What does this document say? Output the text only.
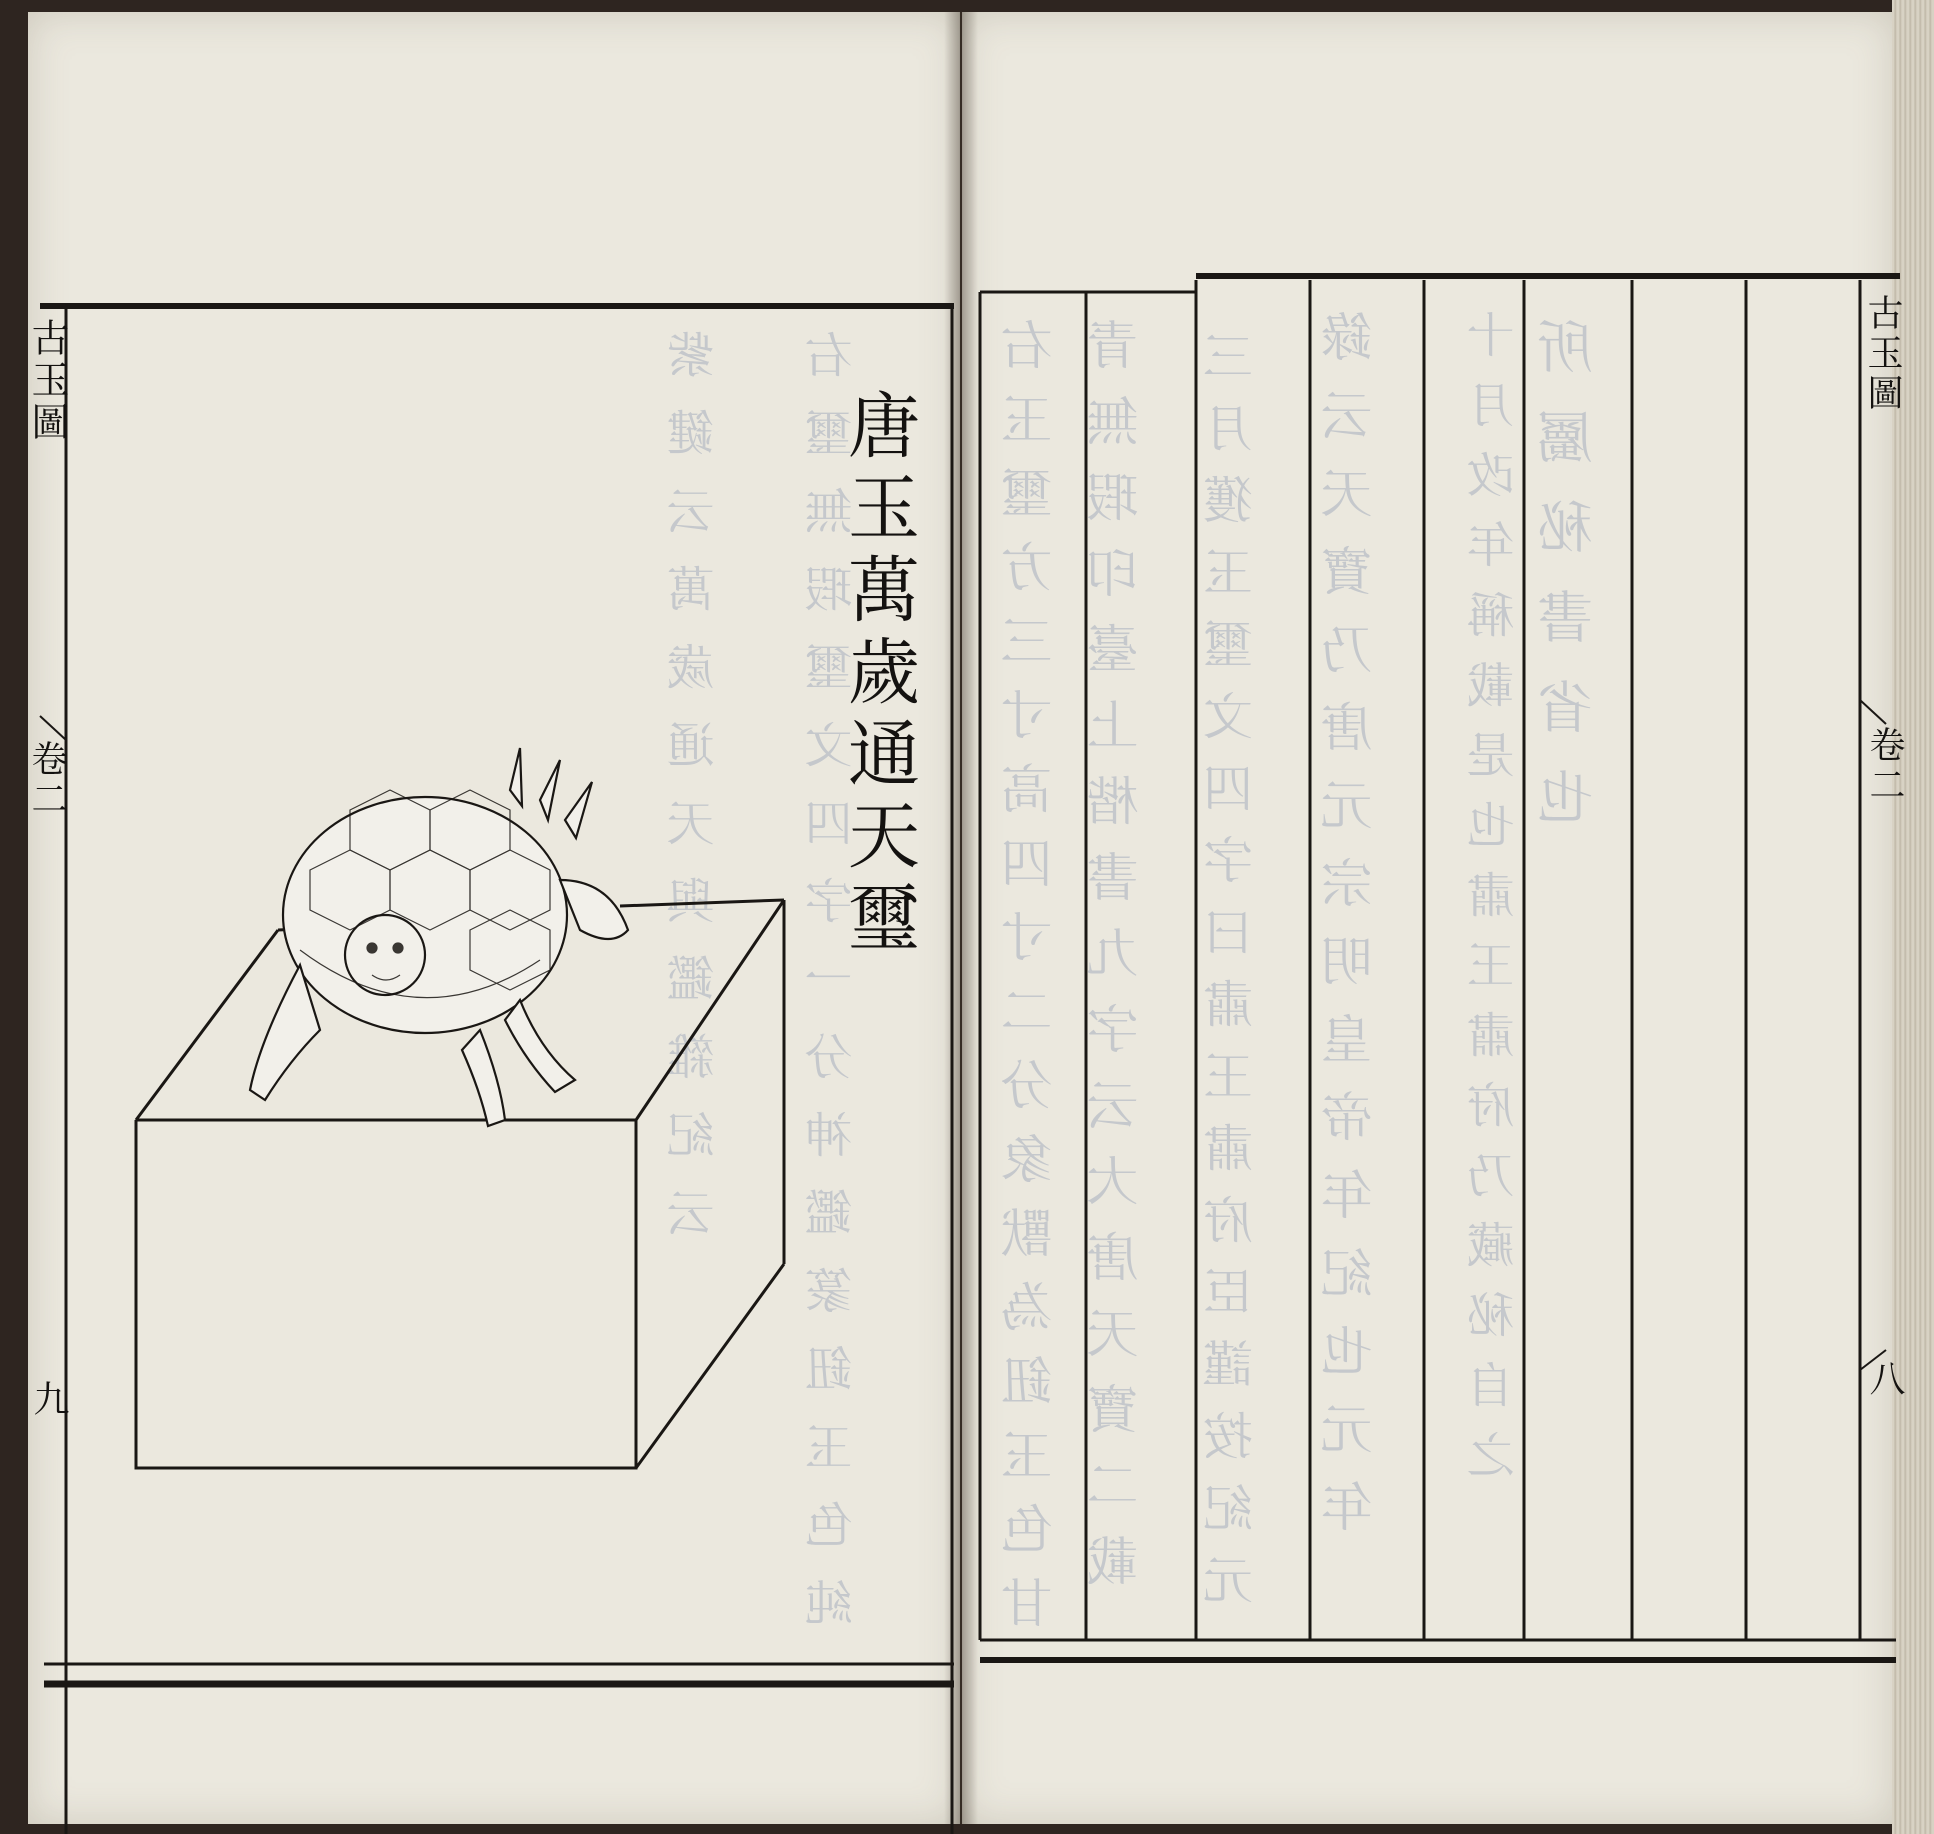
右璽無瑕璽文四字一分神鑑篆鈕玉色純
紫鍵云萬歲通天與鑑雜紀云	所屬秘書省也
十月改年稱載是也肅王肅府乃藏秘自之
錄云天寶乃唐元宗明皇帝年紀也元年
三月獲玉璽文四字曰肅王肅府臣謹按紀元
青無瑕印臺上楷書九字云大唐天寶二載
右玉璽方三寸高四寸二分象獸為鈕玉色甘
唐玉萬歲通天璽
古玉圖
卷二
九
古玉圖
卷二
八
